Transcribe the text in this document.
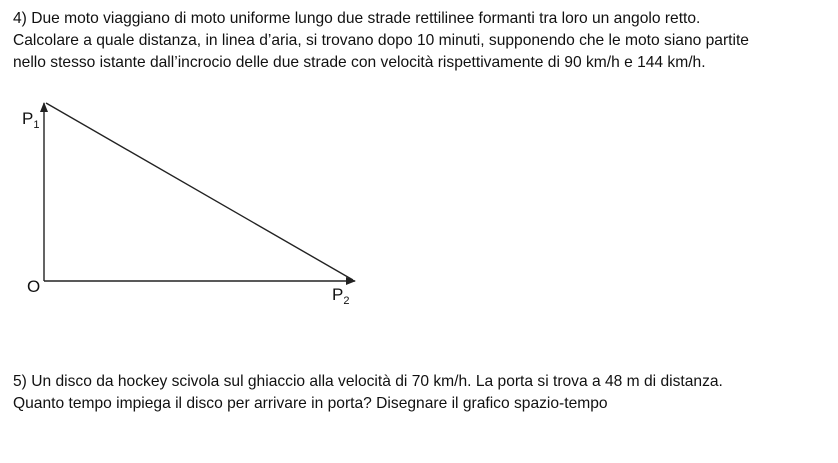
4) Due moto viaggiano di moto uniforme lungo due strade rettilinee formanti tra loro un angolo retto.

Calcolare a quale distanza, in linea d’aria, si trovano dopo 10 minuti, supponendo che le moto siano partite

nello stesso istante dall’incrocio delle due strade con velocità rispettivamente di 90 km/h e 144 km/h.

$P_1$
O	$P_2$

5) Un disco da hockey scivola sul ghiaccio alla velocità di 70 km/h. La porta si trova a 48 m di distanza.

Quanto tempo impiega il disco per arrivare in porta? Disegnare il grafico spazio-tempo
